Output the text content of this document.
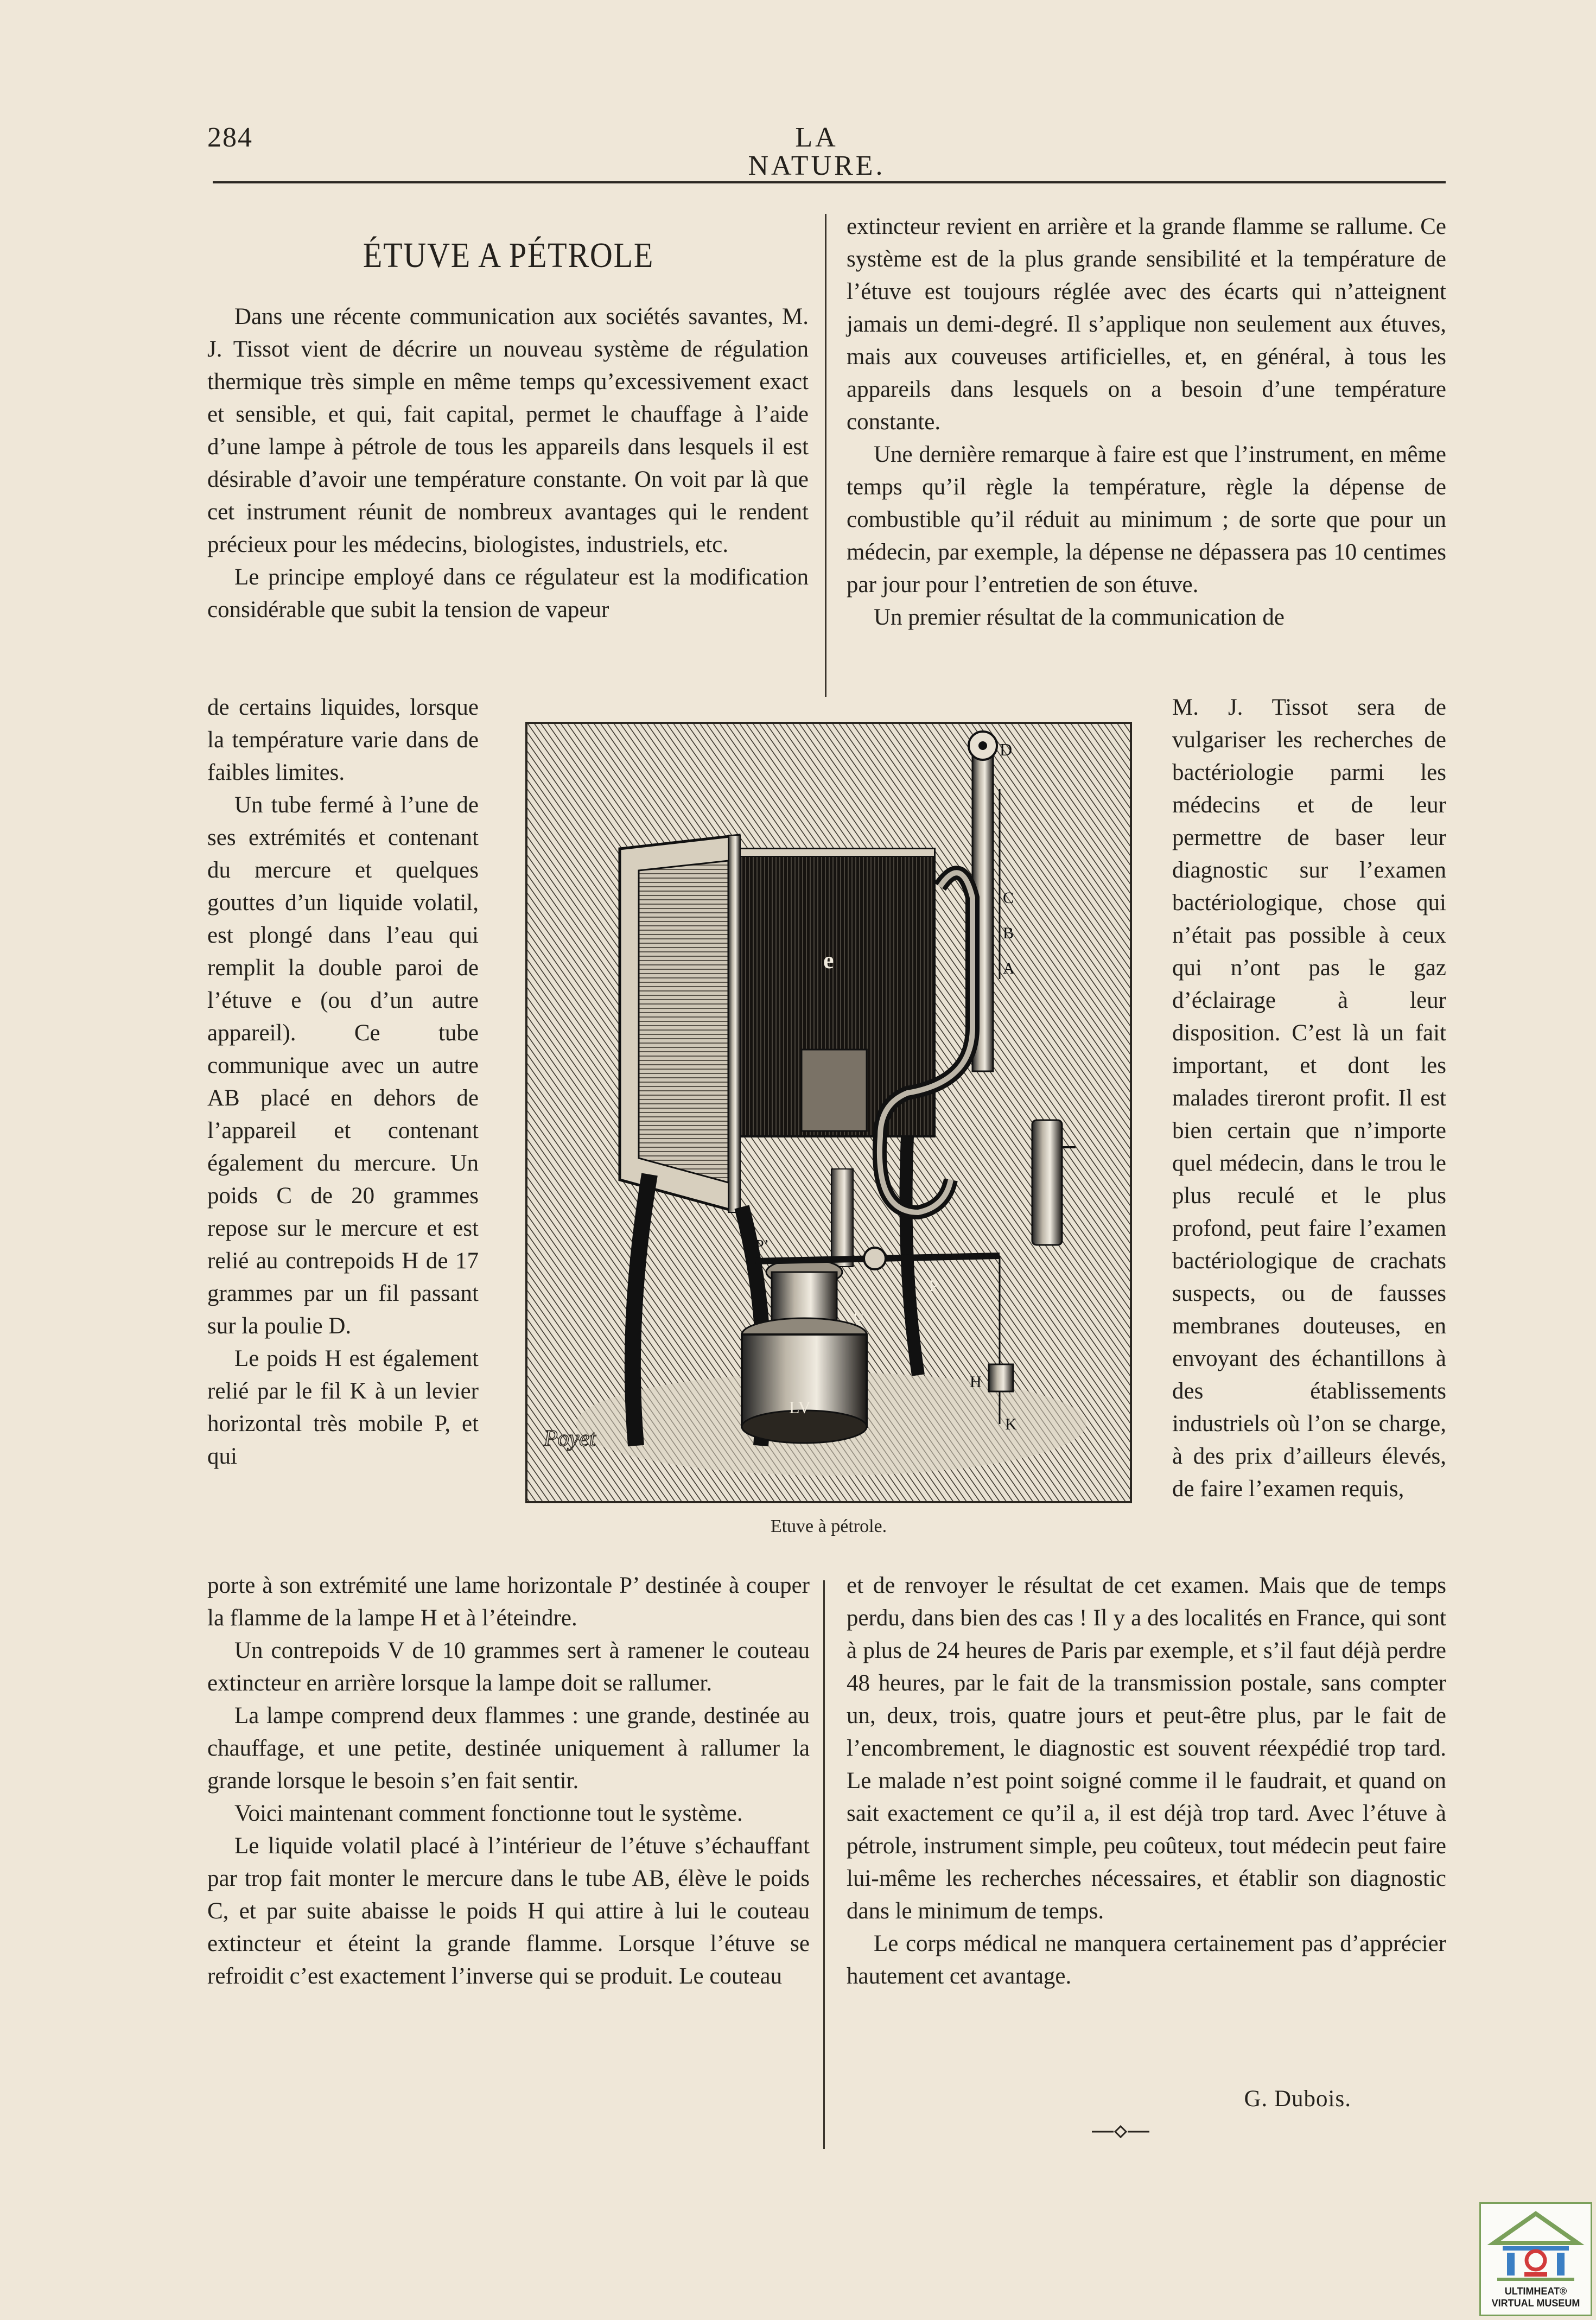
284	LA NATURE.
ÉTUVE A PÉTROLE

Dans une récente communication aux sociétés savantes, M. J. Tissot vient de décrire un nouveau système de régulation thermique très simple en même temps qu’excessivement exact et sensible, et qui, fait capital, permet le chauffage à l’aide d’une lampe à pétrole de tous les appareils dans lesquels il est désirable d’avoir une température constante. On voit par là que cet instrument réunit de nombreux avantages qui le rendent précieux pour les médecins, biologistes, industriels, etc.

Le principe employé dans ce régulateur est la modification considérable que subit la tension de vapeur

de certains liquides, lorsque la température varie dans de faibles limites.

Un tube fermé à l’une de ses extrémités et contenant du mercure et quelques gouttes d’un liquide volatil, est plongé dans l’eau qui remplit la double paroi de l’étuve e (ou d’un autre appareil). Ce tube communique avec un autre AB placé en dehors de l’appareil et contenant également du mercure. Un poids C de 20 grammes repose sur le mercure et est relié au contrepoids H de 17 grammes par un fil passant sur la poulie D.

Le poids H est également relié par le fil K à un levier horizontal très mobile P, et qui

porte à son extrémité une lame horizontale P’ destinée à couper la flamme de la lampe H et à l’éteindre.

Un contrepoids V de 10 grammes sert à ramener le couteau extincteur en arrière lorsque la lampe doit se rallumer.

La lampe comprend deux flammes : une grande, destinée au chauffage, et une petite, destinée uniquement à rallumer la grande lorsque le besoin s’en fait sentir.

Voici maintenant comment fonctionne tout le système.

Le liquide volatil placé à l’intérieur de l’étuve s’échauffant par trop fait monter le mercure dans le tube AB, élève le poids C, et par suite abaisse le poids H qui attire à lui le couteau extincteur et éteint la grande flamme. Lorsque l’étuve se refroidit c’est exactement l’inverse qui se produit. Le couteau

extincteur revient en arrière et la grande flamme se rallume. Ce système est de la plus grande sensibilité et la température de l’étuve est toujours réglée avec des écarts qui n’atteignent jamais un demi-degré. Il s’applique non seulement aux étuves, mais aux couveuses artificielles, et, en général, à tous les appareils dans lesquels on a besoin d’une température constante.

Une dernière remarque à faire est que l’instrument, en même temps qu’il règle la température, règle la dépense de combustible qu’il réduit au minimum ; de sorte que pour un médecin, par exemple, la dépense ne dépassera pas 10 centimes par jour pour l’entretien de son étuve.

Un premier résultat de la communication de

M. J. Tissot sera de vulgariser les recherches de bactériologie parmi les médecins et de leur permettre de baser leur diagnostic sur l’examen bactériologique, chose qui n’était pas possible à ceux qui n’ont pas le gaz d’éclairage à leur disposition. C’est là un fait important, et dont les malades tireront profit. Il est bien certain que n’importe quel médecin, dans le trou le plus reculé et le plus profond, peut faire l’examen bactériologique de crachats suspects, ou de fausses membranes douteuses, en envoyant des échantillons à des établissements industriels où l’on se charge, à des prix d’ailleurs élevés, de faire l’examen requis,

et de renvoyer le résultat de cet examen. Mais que de temps perdu, dans bien des cas ! Il y a des localités en France, qui sont à plus de 24 heures de Paris par exemple, et s’il faut déjà perdre 48 heures, par le fait de la transmission postale, sans compter un, deux, trois, quatre jours et peut-être plus, par le fait de l’encombrement, le diagnostic est souvent réexpédié trop tard. Le malade n’est point soigné comme il le faudrait, et quand on sait exactement ce qu’il a, il est déjà trop tard. Avec l’étuve à pétrole, instrument simple, peu coûteux, tout médecin peut faire lui-même les recherches nécessaires, et établir son diagnostic dans le minimum de temps.

Le corps médical ne manquera certainement pas d’apprécier hautement cet avantage.

G. Dubois.
e
D
C
B
A
P
P’
H
K
U
LV
Poyet
Etuve à pétrole.
ULTIMHEAT®
VIRTUAL MUSEUM
